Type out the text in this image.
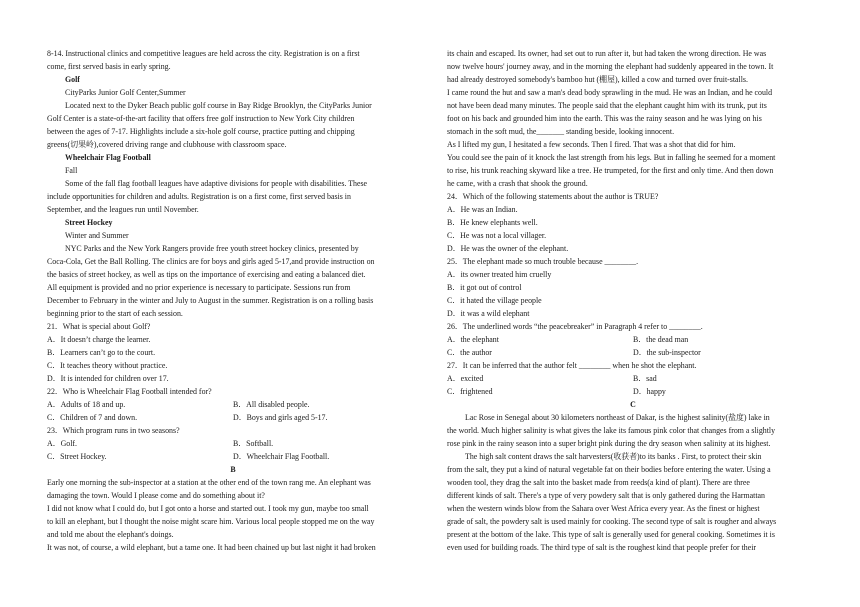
8-14. Instructional clinics and competitive leagues are held across the city. Registration is on a first

come, first served basis in early spring.

Golf

CityParks Junior Golf Center,Summer

Located next to the Dyker Beach public golf course in Bay Ridge Brooklyn, the CityParks Junior

Golf Center is a state-of-the-art facility that offers free golf instruction to New York City children

between the ages of 7-17. Highlights include a six-hole golf course, practice putting and chipping

greens(切果岭),covered driving range and clubhouse with classroom space.

Wheelchair Flag Football

Fall

Some of the fall flag football leagues have adaptive divisions for people with disabilities. These

include opportunities for children and adults. Registration is on a first come, first served basis in

September, and the leagues run until November.

Street Hockey

Winter and Summer

NYC Parks and the New York Rangers provide free youth street hockey clinics, presented by

Coca-Cola, Get the Ball Rolling. The clinics are for boys and girls aged 5-17,and provide instruction on

the basics of street hockey, as well as tips on the importance of exercising and eating a balanced diet.

All equipment is provided and no prior experience is necessary to participate. Sessions run from

December to February in the winter and July to August in the summer. Registration is on a rolling basis

beginning prior to the start of each session.

21．What is special about Golf?

A．It doesn’t charge the learner.

B．Learners can’t go to the court.

C．It teaches theory without practice.

D．It is intended for children over 17.

22．Who is Wheelchair Flag Football intended for?

A．Adults of 18 and up.	B．All disabled people.
C．Children of 7 and down.	D．Boys and girls aged 5-17.

23．Which program runs in two seasons?

A．Golf.	B．Softball.
C．Street Hockey.	D．Wheelchair Flag Football.

B

Early one morning the sub-inspector at a station at the other end of the town rang me. An elephant was

damaging the town. Would I please come and do something about it?

I did not know what I could do, but I got onto a horse and started out. I took my gun, maybe too small

to kill an elephant, but I thought the noise might scare him. Various local people stopped me on the way

and told me about the elephant's doings.

It was not, of course, a wild elephant, but a tame one. It had been chained up but last night it had broken

its chain and escaped. Its owner, had set out to run after it, but had taken the wrong direction. He was

now twelve hours' journey away, and in the morning the elephant had suddenly appeared in the town. It

had already destroyed somebody's bamboo hut (棚屋), killed a cow and turned over fruit-stalls.

I came round the hut and saw a man's dead body sprawling in the mud. He was an Indian, and he could

not have been dead many minutes. The people said that the elephant caught him with its trunk, put its

foot on his back and grounded him into the earth. This was the rainy season and he was lying on his

stomach in the soft mud, the_______ standing beside, looking innocent.

As I lifted my gun, I hesitated a few seconds. Then I fired. That was a shot that did for him.

You could see the pain of it knock the last strength from his legs. But in falling he seemed for a moment

to rise, his trunk reaching skyward like a tree. He trumpeted, for the first and only time. And then down

he came, with a crash that shook the ground.

24．Which of the following statements about the author is TRUE?

A．He was an Indian.

B．He knew elephants well.

C．He was not a local villager.

D．He was the owner of the elephant.

25．The elephant made so much trouble because ________.

A．its owner treated him cruelly

B．it got out of control

C．it hated the village people

D．it was a wild elephant

26．The underlined words “the peacebreaker” in Paragraph 4 refer to ________.

A．the elephant	B．the dead man
C．the author	D．the sub-inspector

27．It can be inferred that the author felt ________ when he shot the elephant.

A．excited	B．sad
C．frightened	D．happy

C

Lac Rose in Senegal about 30 kilometers northeast of Dakar, is the highest salinity(盐度) lake in

the world. Much higher salinity is what gives the lake its famous pink color that changes from a slightly

rose pink in the rainy season into a super bright pink during the dry season when salinity at its highest.

The high salt content draws the salt harvesters(收获者)to its banks . First, to protect their skin

from the salt, they put a kind of natural vegetable fat on their bodies before entering the water. Using a

wooden tool, they drag the salt into the basket made from reeds(a kind of plant). There are three

different kinds of salt. There's a type of very powdery salt that is only gathered during the Harmattan

when the western winds blow from the Sahara over West Africa every year. As the finest or highest

grade of salt, the powdery salt is used mainly for cooking. The second type of salt is rougher and always

present at the bottom of the lake. This type of salt is generally used for general cooking. Sometimes it is

even used for building roads. The third type of salt is the roughest kind that people prefer for their
